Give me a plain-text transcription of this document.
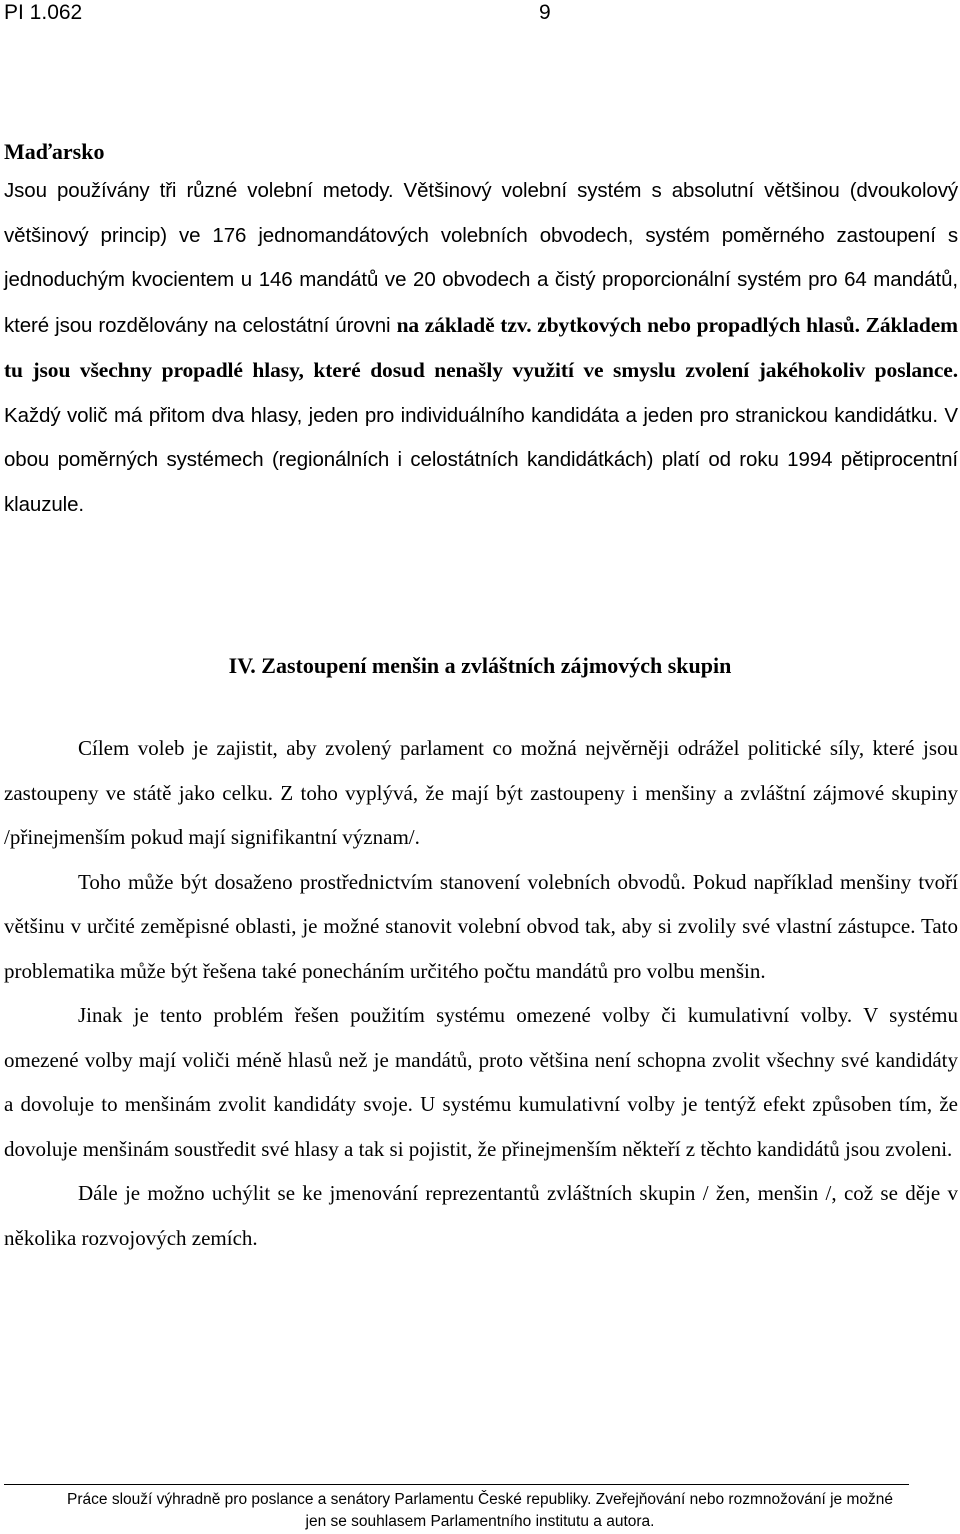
PI 1.062	9
Maďarsko

Jsou používány tři různé volební metody. Většinový volební systém s absolutní většinou (dvoukolový většinový princip) ve 176 jednomandátových volebních obvodech, systém poměrného zastoupení s jednoduchým kvocientem u 146 mandátů ve 20 obvodech a čistý proporcionální systém pro 64 mandátů, které jsou rozdělovány na celostátní úrovni na základě tzv. zbytkových nebo propadlých hlasů. Základem tu jsou všechny propadlé hlasy, které dosud nenašly využití ve smyslu zvolení jakéhokoliv poslance. Každý volič má přitom dva hlasy, jeden pro individuálního kandidáta a jeden pro stranickou kandidátku. V obou poměrných systémech (regionálních i celostátních kandidátkách) platí od roku 1994 pětiprocentní klauzule.

IV. Zastoupení menšin a zvláštních zájmových skupin

Cílem voleb je zajistit, aby zvolený parlament co možná nejvěrněji odrážel politické síly, které jsou zastoupeny ve státě jako celku. Z toho vyplývá, že mají být zastoupeny i menšiny a zvláštní zájmové skupiny /přinejmenším pokud mají signifikantní význam/.

Toho může být dosaženo prostřednictvím stanovení volebních obvodů. Pokud například menšiny tvoří většinu v určité zeměpisné oblasti, je možné stanovit volební obvod tak, aby si zvolily své vlastní zástupce. Tato problematika může být řešena také ponecháním určitého počtu mandátů pro volbu menšin.

Jinak je tento problém řešen použitím systému omezené volby či kumulativní volby. V systému omezené volby mají voliči méně hlasů než je mandátů, proto většina není schopna zvolit všechny své kandidáty a dovoluje to menšinám zvolit kandidáty svoje. U systému kumulativní volby je tentýž efekt způsoben tím, že dovoluje menšinám soustředit své hlasy a tak si pojistit, že přinejmenším někteří z těchto kandidátů jsou zvoleni.

Dále je možno uchýlit se ke jmenování reprezentantů zvláštních skupin / žen, menšin /, což se děje v několika rozvojových zemích.

Práce slouží výhradně pro poslance a senátory Parlamentu České republiky. Zveřejňování nebo rozmnožování je možné
jen se souhlasem Parlamentního institutu a autora.
